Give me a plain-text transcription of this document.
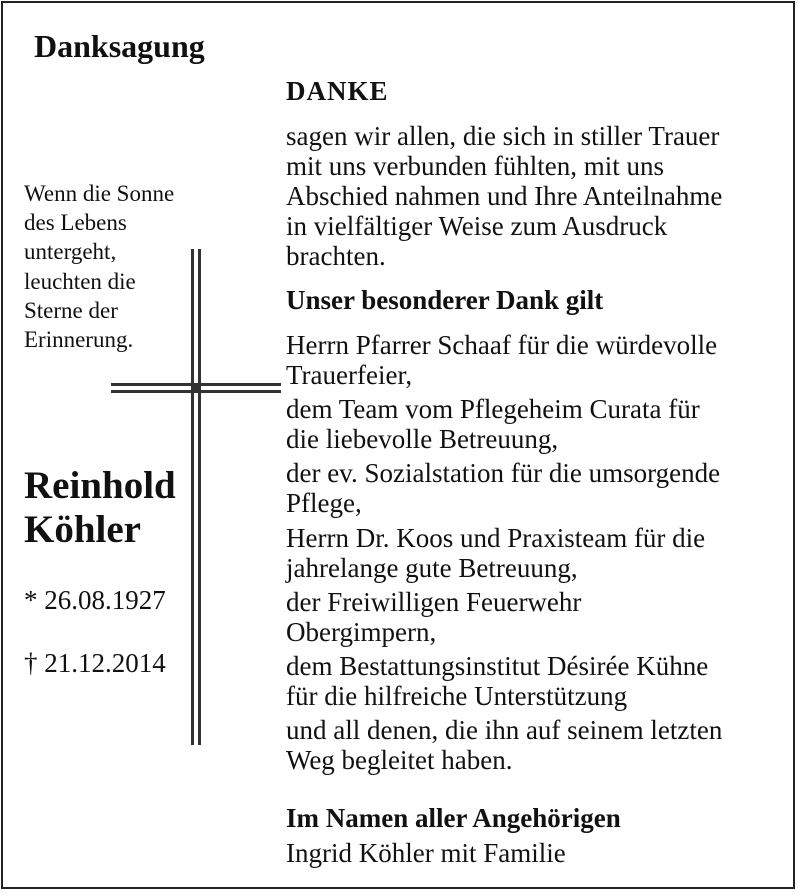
Danksagung
Wenn die Sonne
des Lebens
untergeht,
leuchten die
Sterne der
Erinnerung.
Reinhold
Köhler
* 26.08.1927
† 21.12.2014
DANKE
sagen wir allen, die sich in stiller Trauer
mit uns verbunden fühlten, mit uns
Abschied nahmen und Ihre Anteilnahme
in vielfältiger Weise zum Ausdruck
brachten.
Unser besonderer Dank gilt
Herrn Pfarrer Schaaf für die würdevolle
Trauerfeier,
dem Team vom Pflegeheim Curata für
die liebevolle Betreuung,
der ev. Sozialstation für die umsorgende
Pflege,
Herrn Dr. Koos und Praxisteam für die
jahrelange gute Betreuung,
der Freiwilligen Feuerwehr
Obergimpern,
dem Bestattungsinstitut Désirée Kühne
für die hilfreiche Unterstützung
und all denen, die ihn auf seinem letzten
Weg begleitet haben.
Im Namen aller Angehörigen
Ingrid Köhler mit Familie
